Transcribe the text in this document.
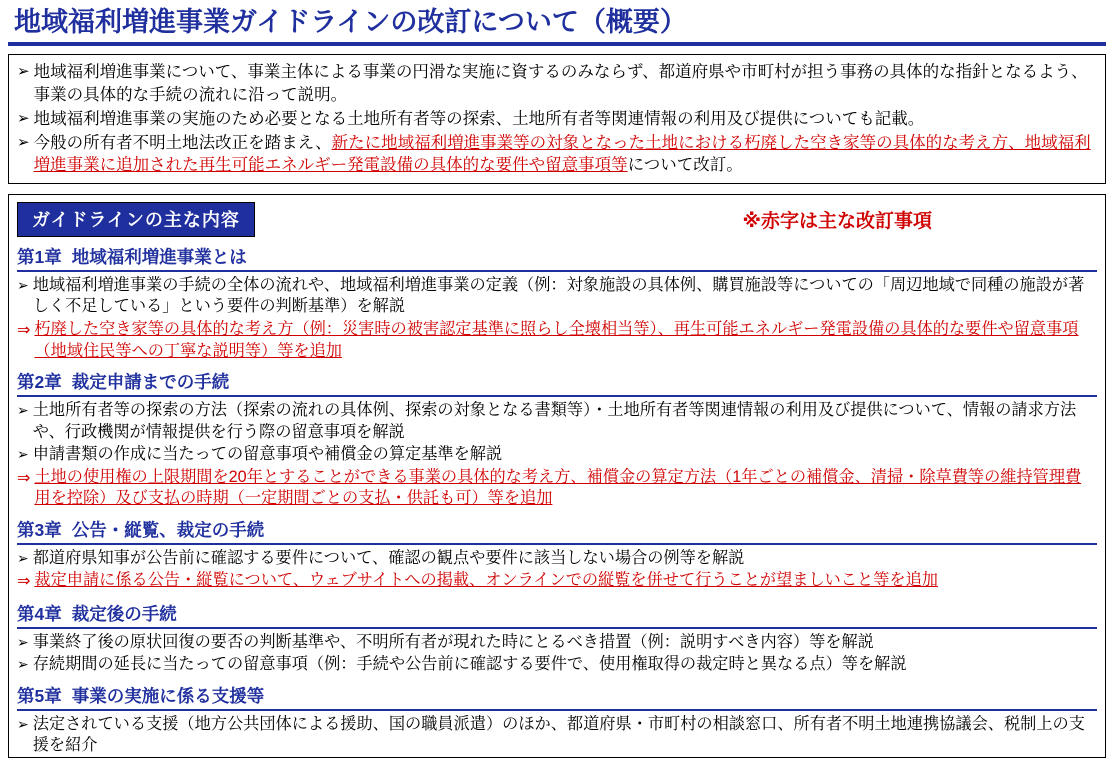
地域福利増進事業ガイドラインの改訂について（概要）
➢ 地域福利増進事業について、事業主体による事業の円滑な実施に資するのみならず、都道府県や市町村が担う事務の具体的な指針となるよう、事業の具体的な手続の流れに沿って説明。
➢ 地域福利増進事業の実施のため必要となる土地所有者等の探索、土地所有者等関連情報の利用及び提供についても記載。
➢ 今般の所有者不明土地法改正を踏まえ、新たに地域福利増進事業等の対象となった土地における朽廃した空き家等の具体的な考え方、地域福利増進事業に追加された再生可能エネルギー発電設備の具体的な要件や留意事項等について改訂。
ガイドラインの主な内容	※赤字は主な改訂事項
第1章 地域福利増進事業とは
➢ 地域福利増進事業の手続の全体の流れや、地域福利増進事業の定義（例：対象施設の具体例、購買施設等についての「周辺地域で同種の施設が著しく不足している」という要件の判断基準）を解説
⇒ 朽廃した空き家等の具体的な考え方（例：災害時の被害認定基準に照らし全壊相当等）、再生可能エネルギー発電設備の具体的な要件や留意事項（地域住民等への丁寧な説明等）等を追加
第2章 裁定申請までの手続
➢ 土地所有者等の探索の方法（探索の流れの具体例、探索の対象となる書類等）・土地所有者等関連情報の利用及び提供について、情報の請求方法や、行政機関が情報提供を行う際の留意事項を解説
➢ 申請書類の作成に当たっての留意事項や補償金の算定基準を解説
⇒ 土地の使用権の上限期間を20年とすることができる事業の具体的な考え方、補償金の算定方法（1年ごとの補償金、清掃・除草費等の維持管理費用を控除）及び支払の時期（一定期間ごとの支払・供託も可）等を追加
第3章 公告・縦覧、裁定の手続
➢ 都道府県知事が公告前に確認する要件について、確認の観点や要件に該当しない場合の例等を解説
⇒ 裁定申請に係る公告・縦覧について、ウェブサイトへの掲載、オンラインでの縦覧を併せて行うことが望ましいこと等を追加
第4章 裁定後の手続
➢ 事業終了後の原状回復の要否の判断基準や、不明所有者が現れた時にとるべき措置（例：説明すべき内容）等を解説
➢ 存続期間の延長に当たっての留意事項（例：手続や公告前に確認する要件で、使用権取得の裁定時と異なる点）等を解説
第5章 事業の実施に係る支援等
➢ 法定されている支援（地方公共団体による援助、国の職員派遣）のほか、都道府県・市町村の相談窓口、所有者不明土地連携協議会、税制上の支援を紹介
